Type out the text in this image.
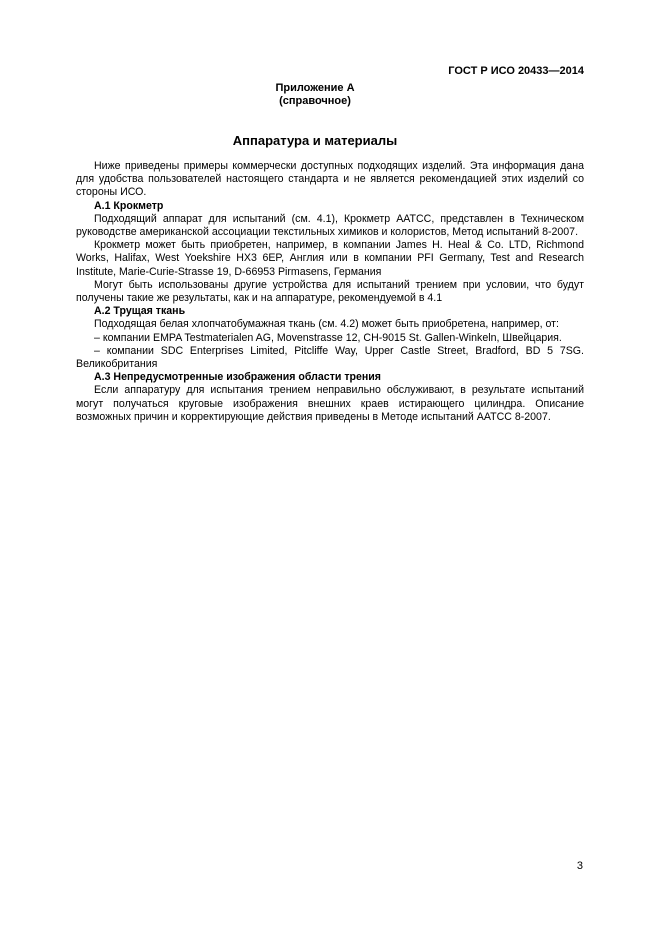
ГОСТ Р ИСО 20433—2014
Приложение А
(справочное)
Аппаратура и материалы

Ниже приведены примеры коммерчески доступных подходящих изделий. Эта информация дана для удобства пользователей настоящего стандарта и не является рекомендацией этих изделий со стороны ИСО.

А.1 Крокметр

Подходящий аппарат для испытаний (см. 4.1), Крокметр AATCC, представлен в Техническом руководстве американской ассоциации текстильных химиков и колористов, Метод испытаний 8-2007.

Крокметр может быть приобретен, например, в компании James H. Heal & Co. LTD, Richmond Works, Halifax, West Yoekshire HX3 6EP, Англия или в компании PFI Germany, Test and Research Institute, Marie-Curie-Strasse 19, D-66953 Pirmasens, Германия

Могут быть использованы другие устройства для испытаний трением при условии, что будут получены такие же результаты, как и на аппаратуре, рекомендуемой в 4.1

А.2 Трущая ткань

Подходящая белая хлопчатобумажная ткань (см. 4.2) может быть приобретена, например, от:

– компании EMPA Testmaterialen AG, Movenstrasse 12, CH-9015 St. Gallen-Winkeln, Швейцария.

– компании SDC Enterprises Limited, Pitcliffe Way, Upper Castle Street, Bradford, BD 5 7SG. Великобритания

А.3 Непредусмотренные изображения области трения

Если аппаратуру для испытания трением неправильно обслуживают, в результате испытаний могут получаться круговые изображения внешних краев истирающего цилиндра. Описание возможных причин и корректирующие действия приведены в Методе испытаний AATCC 8-2007.

3
